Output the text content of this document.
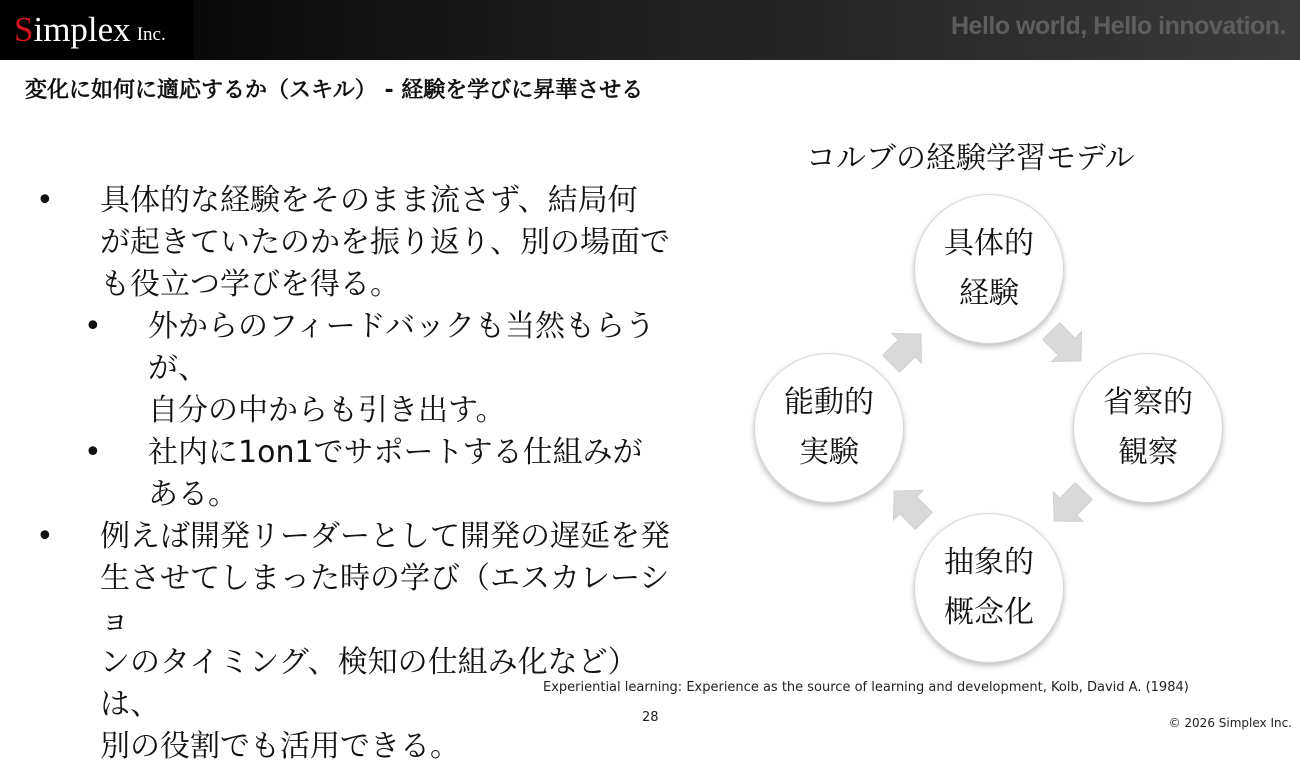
Simplex Inc.	Hello world, Hello innovation.
変化に如何に適応するか（スキル） - 経験を学びに昇華させる
• 具体的な経験をそのまま流さず、結局何
が起きていたのかを振り返り、別の場面で
も役立つ学びを得る。
• 外からのフィードバックも当然もらうが、
自分の中からも引き出す。
• 社内に1on1でサポートする仕組みが
ある。
• 例えば開発リーダーとして開発の遅延を発
生させてしまった時の学び（エスカレーショ
ンのタイミング、検知の仕組み化など）は、
別の役割でも活用できる。
コルブの経験学習モデル
具体的
経験
省察的
観察
抽象的
概念化
能動的
実験
Experiential learning: Experience as the source of learning and development, Kolb, David A. (1984)
28	© 2026 Simplex Inc.
